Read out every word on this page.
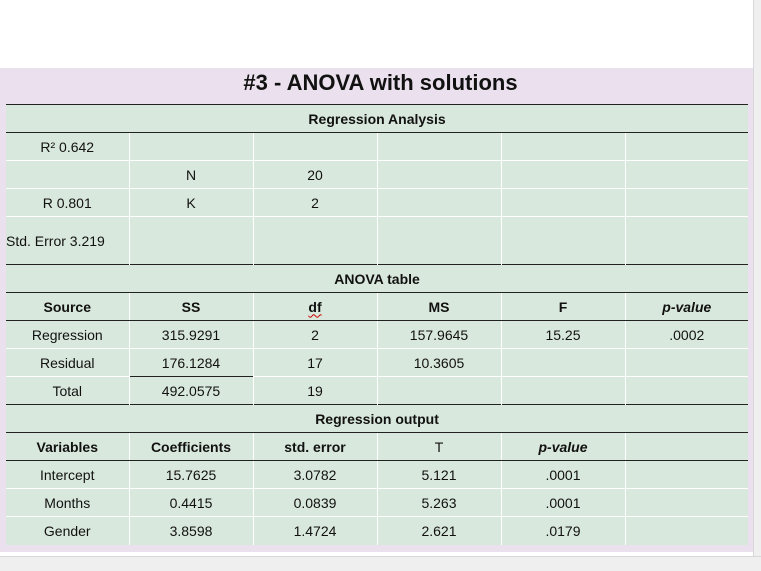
#3 - ANOVA with solutions
Regression Analysis					
R² 0.642					
	N	20			
R 0.801	K	2			
Std. Error 3.219					
ANOVA table					
Source	SS	df	MS	F	p-value
Regression	315.9291	2	157.9645	15.25	.0002
Residual	176.1284	17	10.3605		
Total	492.0575	19			
Regression output					
Variables	Coefficients	std. error	T	p-value	
Intercept	15.7625	3.0782	5.121	.0001	
Months	0.4415	0.0839	5.263	.0001	
Gender	3.8598	1.4724	2.621	.0179	
